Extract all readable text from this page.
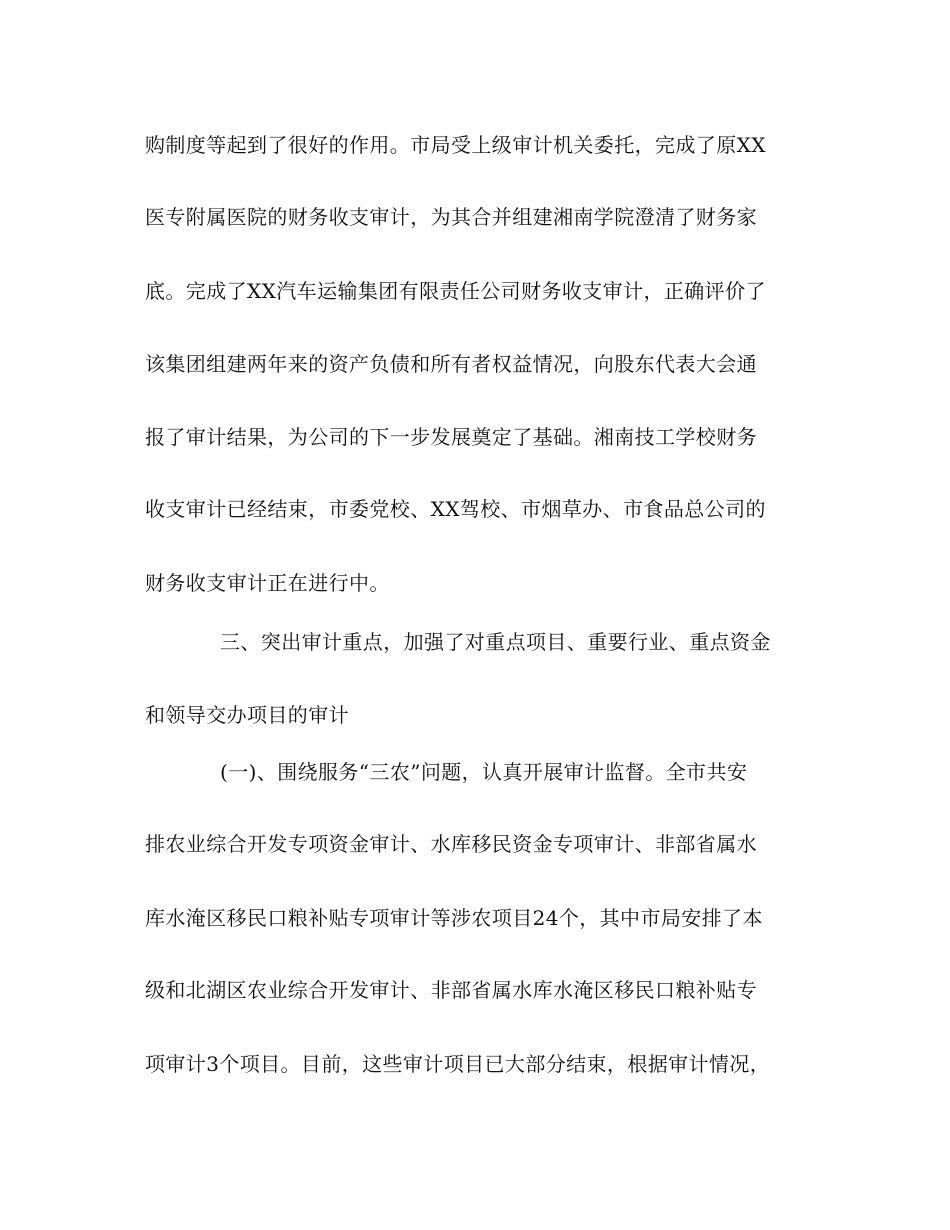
购制度等起到了很好的作用。市局受上级审计机关委托，完成了原XX
医专附属医院的财务收支审计，为其合并组建湘南学院澄清了财务家
底。完成了XX汽车运输集团有限责任公司财务收支审计，正确评价了
该集团组建两年来的资产负债和所有者权益情况，向股东代表大会通
报了审计结果，为公司的下一步发展奠定了基础。湘南技工学校财务
收支审计已经结束，市委党校、XX驾校、市烟草办、市食品总公司的
财务收支审计正在进行中。
三、突出审计重点，加强了对重点项目、重要行业、重点资金
和领导交办项目的审计
(一)、围绕服务“三农”问题，认真开展审计监督。全市共安
排农业综合开发专项资金审计、水库移民资金专项审计、非部省属水
库水淹区移民口粮补贴专项审计等涉农项目24个，其中市局安排了本
级和北湖区农业综合开发审计、非部省属水库水淹区移民口粮补贴专
项审计3个项目。目前，这些审计项目已大部分结束，根据审计情况，
